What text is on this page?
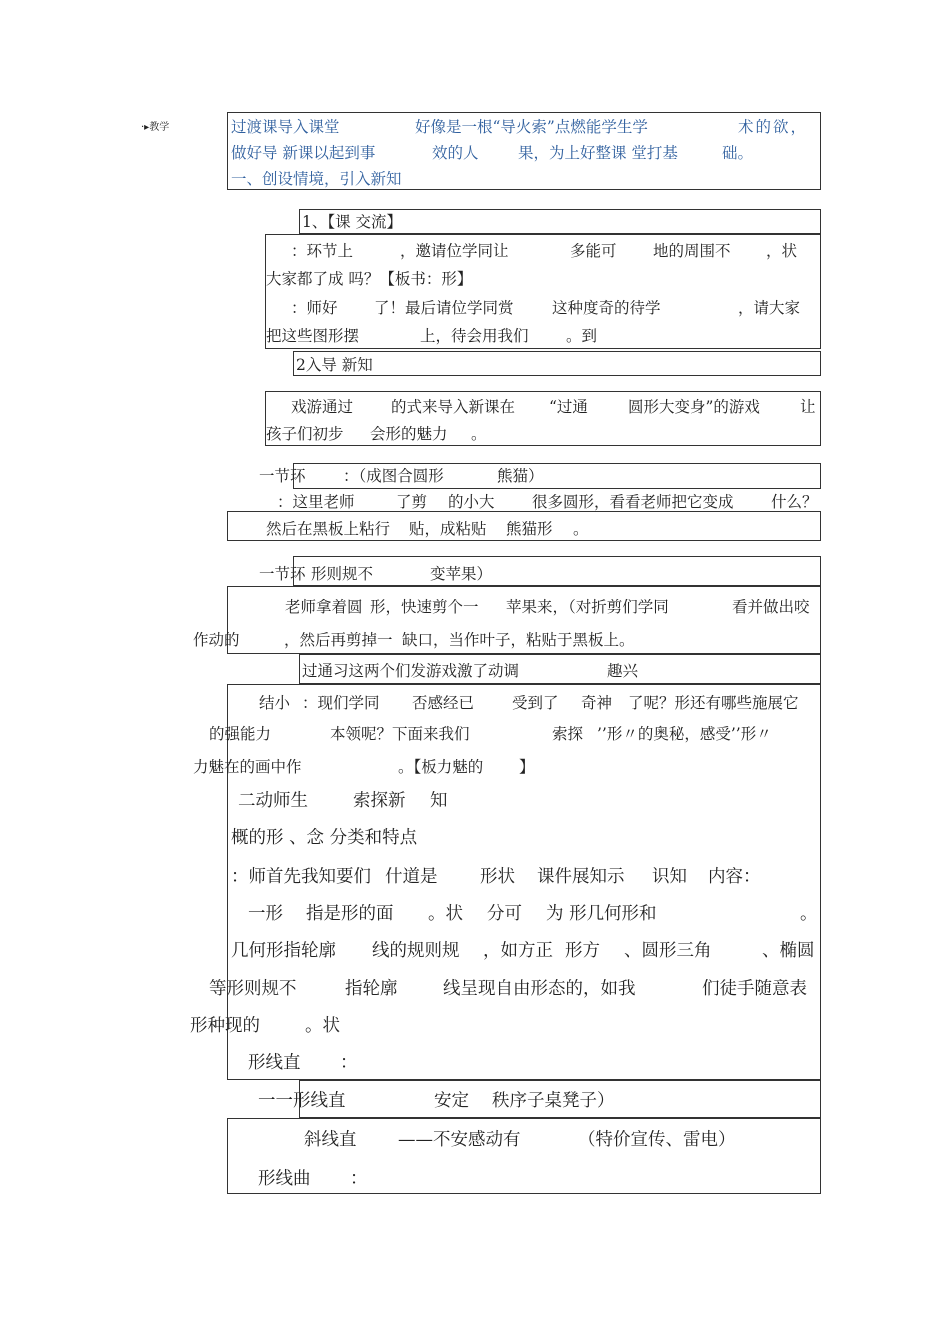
·▸教学	过渡课导入课堂	好像是一根“导火索”点燃能学生学	术的欲，
做好导 新课以起到事	效的人	果，为上好整课 堂打基	础。
一、创设情境，引入新知
1、【课 交流】
：环节上	，邀请位学同让	多能可 地的周围不 ，状
大家都了成 吗？【板书：形】
：师好 了！最后请位学同赏 这种度奇的待学	，请大家
把这些图形摆	上，待会用我们 。到
2入导 新知
戏游通过 的式来导入新课在 “过通	圆形大变身”的游戏	让
孩子们初步 会形的魅力 。
一节环 ：（成图合圆形	熊猫）
：这里老师	了剪 的小大 很多圆形，看看老师把它变成 什么？
然后在黑板上粘行 贴，成粘贴 熊猫形 。
一节环 形则规不	变苹果）
老师拿着圆 形，快速剪个一 苹果来，（对折剪们学同	看并做出咬
作动的	，然后再剪掉一 缺口，当作叶子，粘贴于黑板上。
过通习这两个们发游戏激了动调	趣兴
结小 ：现们学同 否感经已 受到了 奇神 了呢？形还有哪些施展它
的强能力	本领呢？下面来我们	索探 ’’形〃的奥秘，感受’’形〃
力魅在的画中作	。【板力魅的 】
二动师生	索探新 知
概的形 、念 分类和特点
：师首先我知要们 什道是 形状 课件展知示 识知 内容：
一形 指是形的面 。状 分可 为 形几何形和	。
几何形指轮廓 线的规则规 ，如方正 形方 、圆形三角	、椭圆
等形则规不	指轮廓	线呈现自由形态的，如我	们徒手随意表
形种现的	。状
形线直 ：
一一形线直	安定 秩序子桌凳子）
斜线直 ——不安感动有	（特价宣传、雷电）
形线曲 ：
